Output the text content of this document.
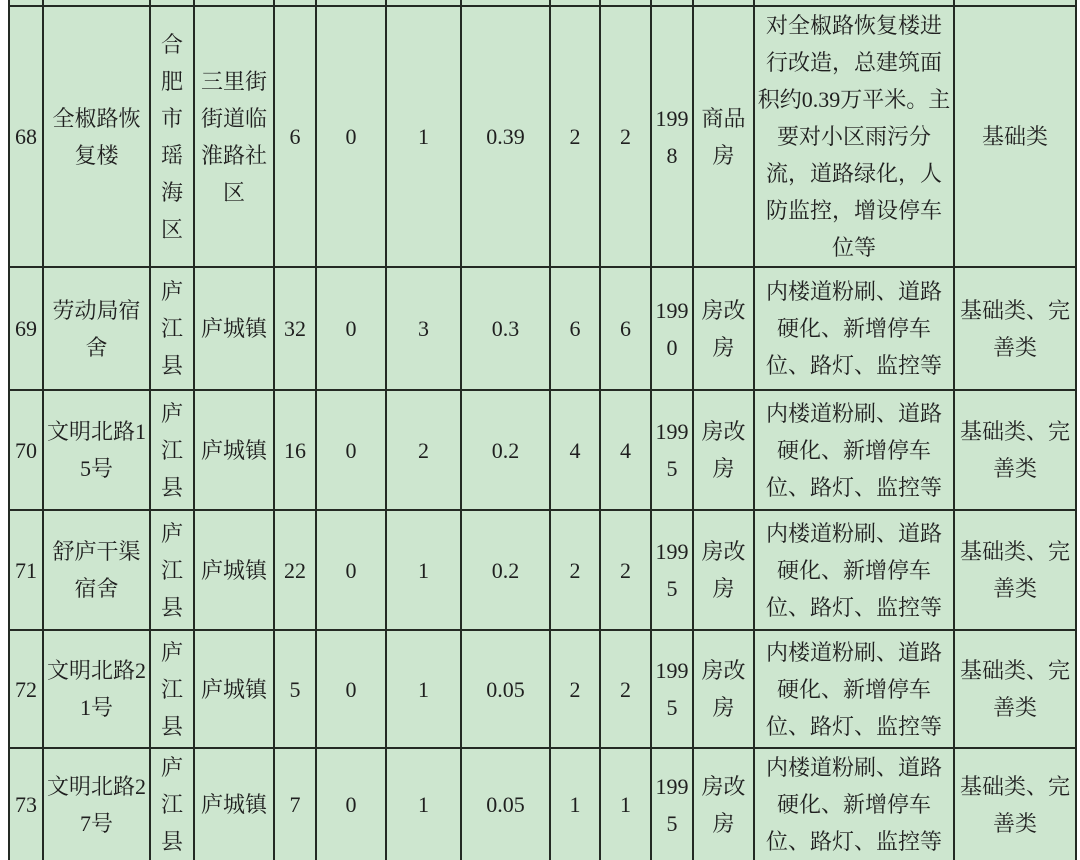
68	全椒路恢复楼	合肥市瑶海区	三里街街道临淮路社区	6	0	1	0.39	2	2	1998	商品房	对全椒路恢复楼进行改造，总建筑面积约0.39万平米。主要对小区雨污分流，道路绿化，人防监控，增设停车位等	基础类
69	劳动局宿舍	庐江县	庐城镇	32	0	3	0.3	6	6	1990	房改房	内楼道粉刷、道路硬化、新增停车位、路灯、监控等	基础类、完善类
70	文明北路15号	庐江县	庐城镇	16	0	2	0.2	4	4	1995	房改房	内楼道粉刷、道路硬化、新增停车位、路灯、监控等	基础类、完善类
71	舒庐干渠宿舍	庐江县	庐城镇	22	0	1	0.2	2	2	1995	房改房	内楼道粉刷、道路硬化、新增停车位、路灯、监控等	基础类、完善类
72	文明北路21号	庐江县	庐城镇	5	0	1	0.05	2	2	1995	房改房	内楼道粉刷、道路硬化、新增停车位、路灯、监控等	基础类、完善类
73	文明北路27号	庐江县	庐城镇	7	0	1	0.05	1	1	1995	房改房	内楼道粉刷、道路硬化、新增停车位、路灯、监控等	基础类、完善类
